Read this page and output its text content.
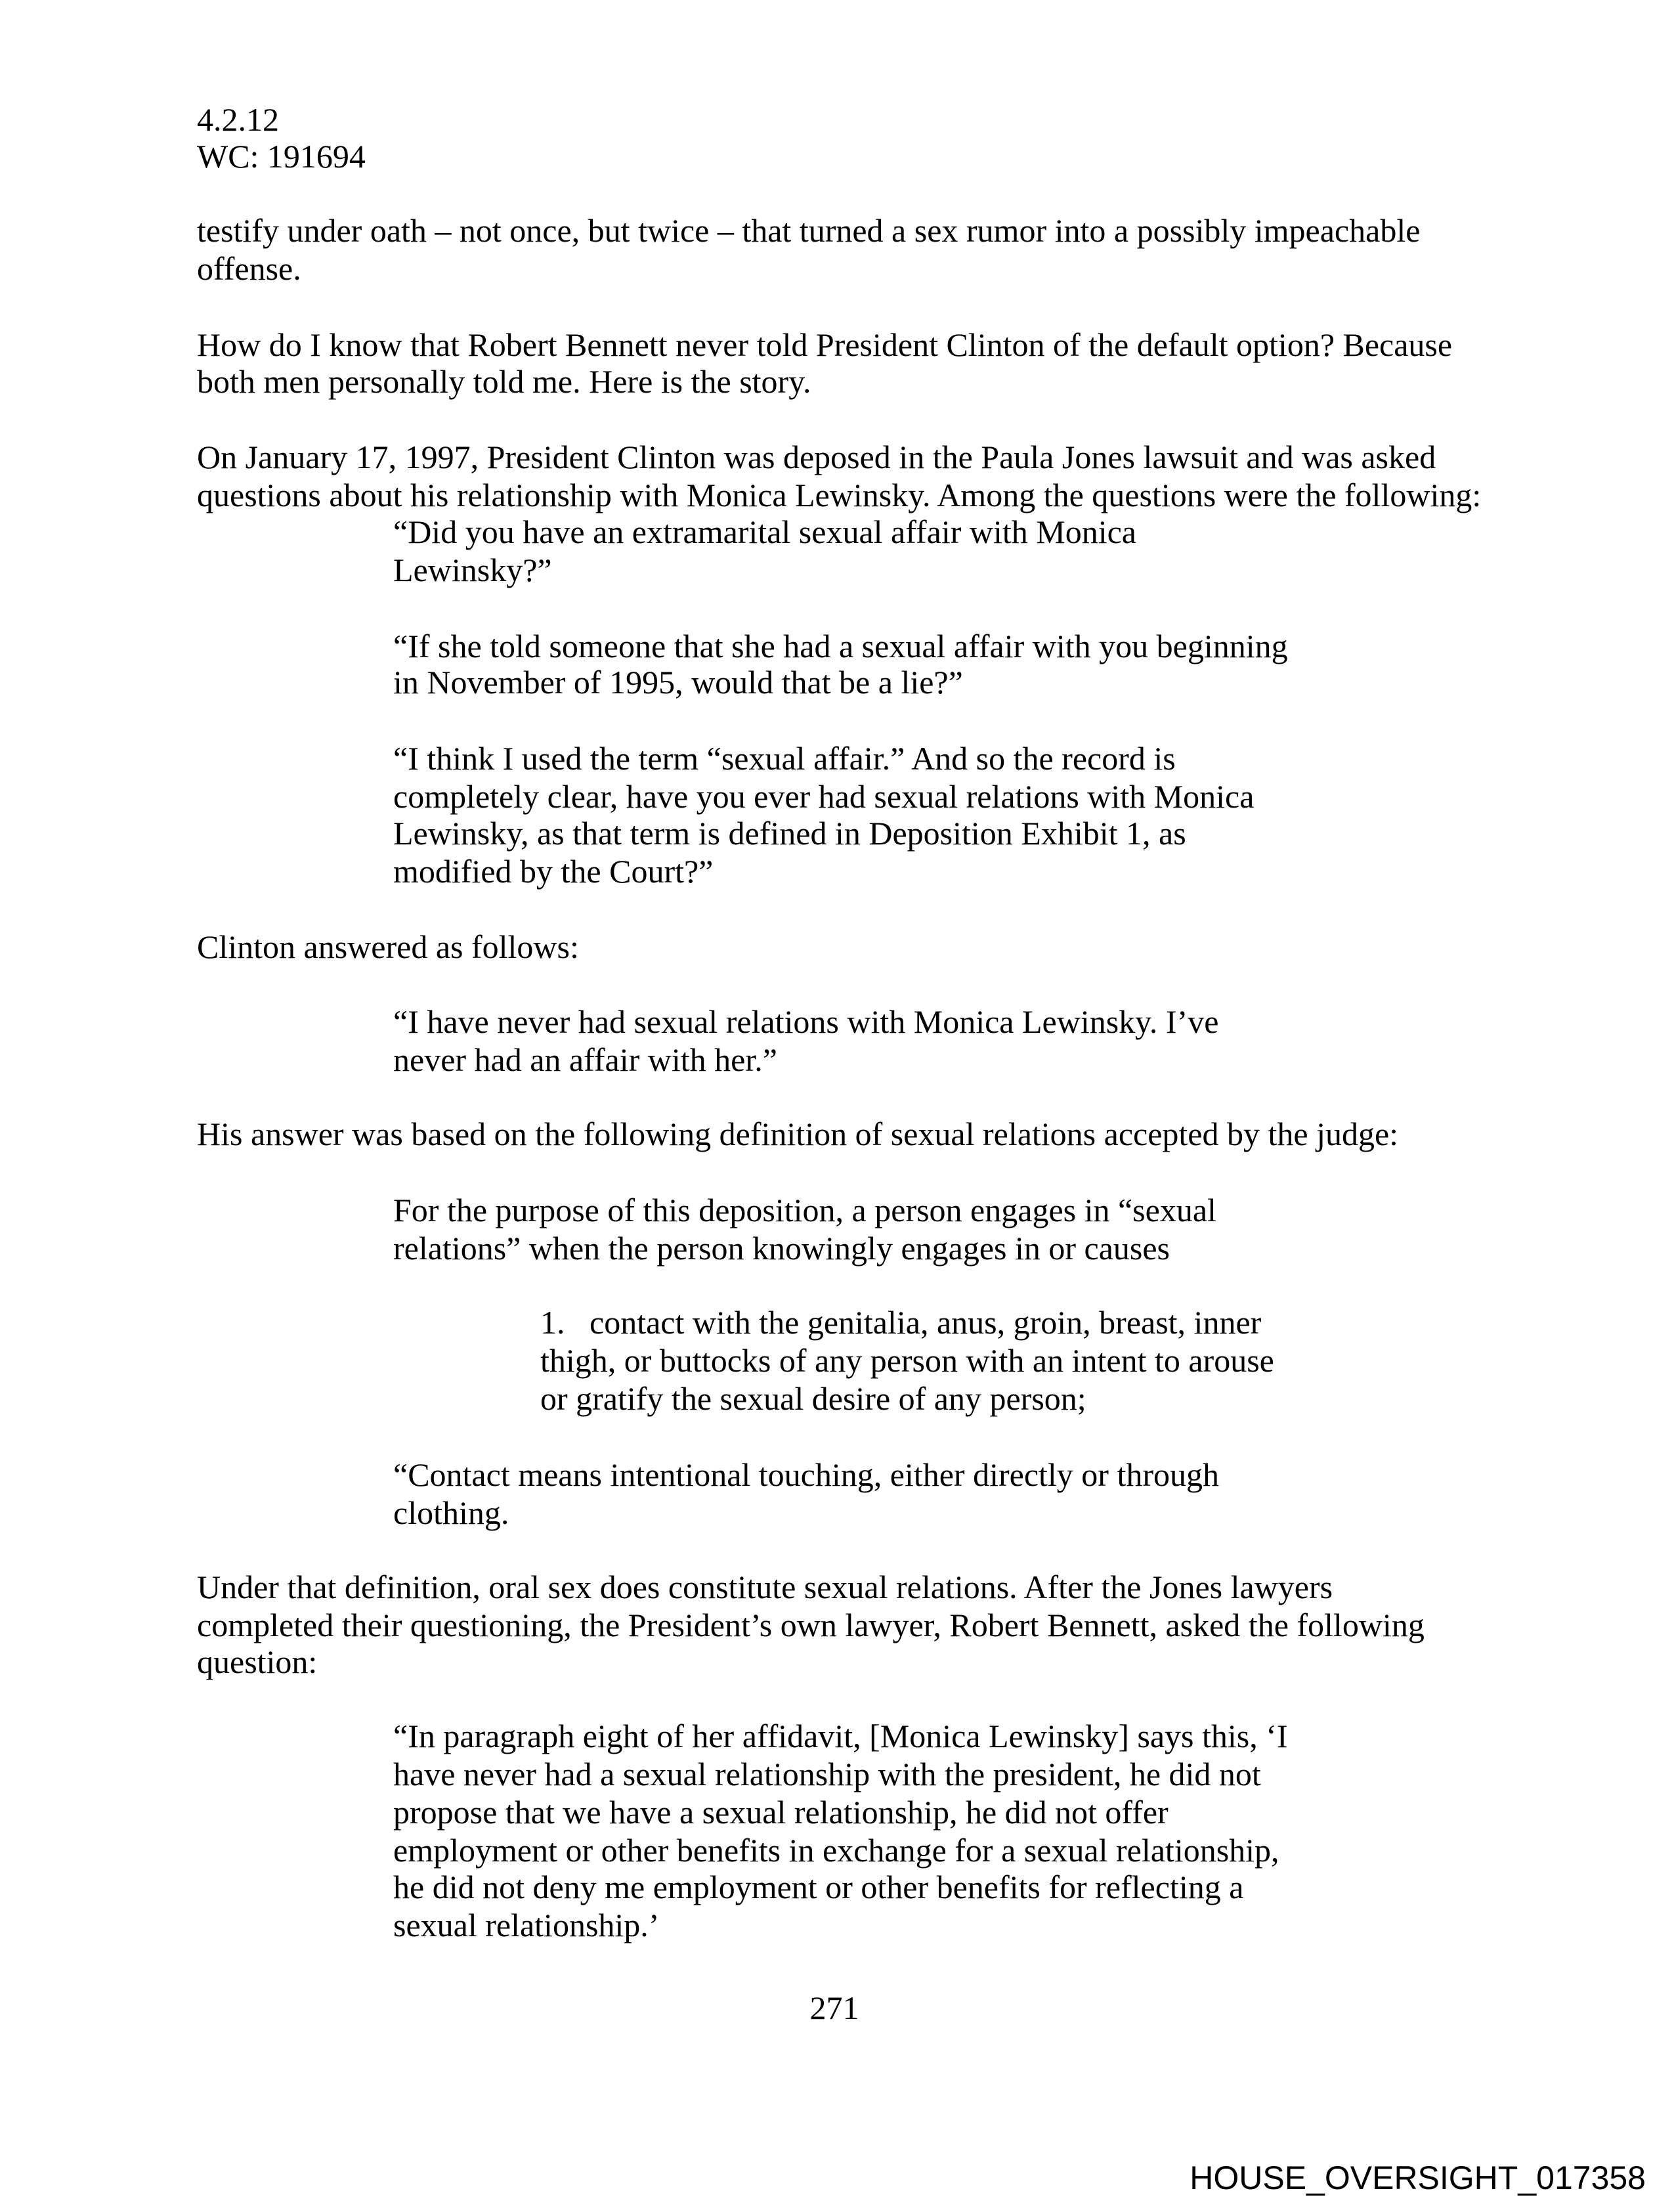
4.2.12
WC: 191694
testify under oath – not once, but twice – that turned a sex rumor into a possibly impeachable
offense.
How do I know that Robert Bennett never told President Clinton of the default option? Because
both men personally told me. Here is the story.
On January 17, 1997, President Clinton was deposed in the Paula Jones lawsuit and was asked
questions about his relationship with Monica Lewinsky. Among the questions were the following:
“Did you have an extramarital sexual affair with Monica
Lewinsky?”
“If she told someone that she had a sexual affair with you beginning
in November of 1995, would that be a lie?”
“I think I used the term “sexual affair.” And so the record is
completely clear, have you ever had sexual relations with Monica
Lewinsky, as that term is defined in Deposition Exhibit 1, as
modified by the Court?”
Clinton answered as follows:
“I have never had sexual relations with Monica Lewinsky. I’ve
never had an affair with her.”
His answer was based on the following definition of sexual relations accepted by the judge:
For the purpose of this deposition, a person engages in “sexual
relations” when the person knowingly engages in or causes
1. contact with the genitalia, anus, groin, breast, inner
thigh, or buttocks of any person with an intent to arouse
or gratify the sexual desire of any person;
“Contact means intentional touching, either directly or through
clothing.
Under that definition, oral sex does constitute sexual relations. After the Jones lawyers
completed their questioning, the President’s own lawyer, Robert Bennett, asked the following
question:
“In paragraph eight of her affidavit, [Monica Lewinsky] says this, ‘I
have never had a sexual relationship with the president, he did not
propose that we have a sexual relationship, he did not offer
employment or other benefits in exchange for a sexual relationship,
he did not deny me employment or other benefits for reflecting a
sexual relationship.’
271
HOUSE_OVERSIGHT_017358
